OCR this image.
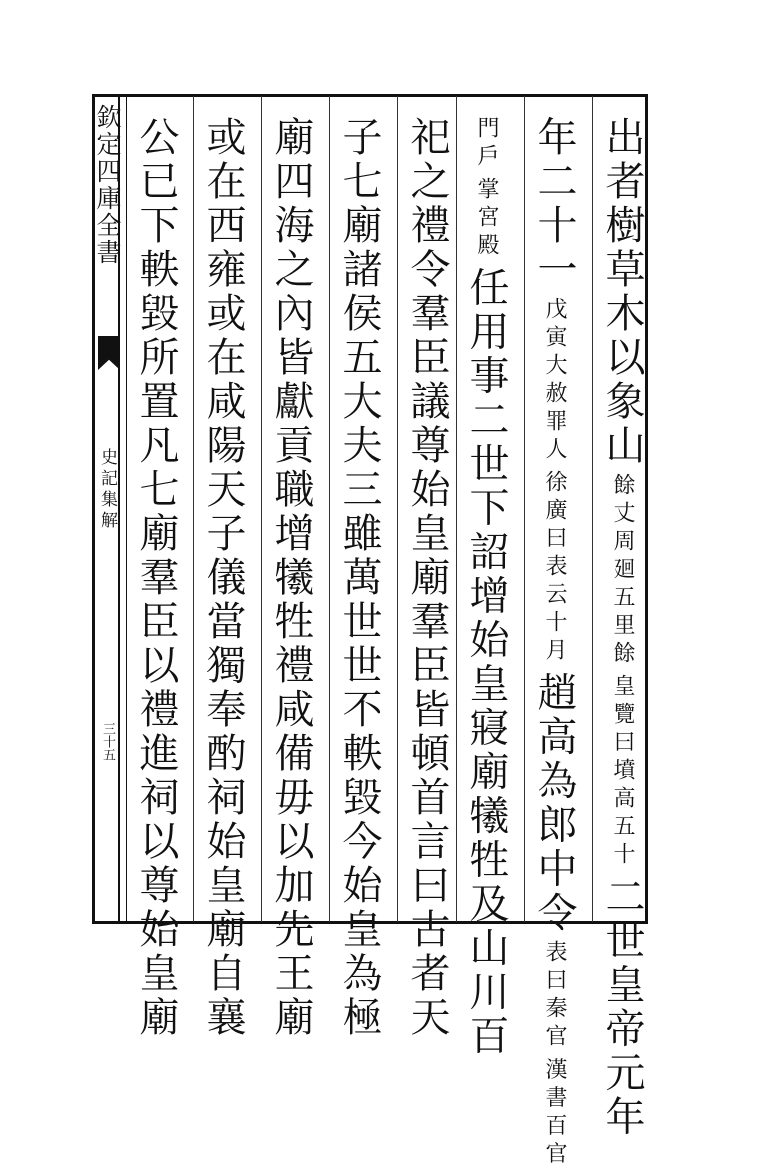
欽定四庫全書
史記集解
三十五
出者樹草木以象山 餘丈周廻五里餘 皇覽曰墳高五十 二世皇帝元年
年二十一 戊寅大赦罪人 徐廣曰表云十月 趙高為郎中令 表曰秦官 漢書百官
門戶 掌宮殿 任用事二世下詔增始皇寢廟犧牲及山川百
祀之禮令羣臣議尊始皇廟羣臣皆頓首言曰古者天
子七廟諸侯五大夫三雖萬世世不軼毀今始皇為極
廟四海之內皆獻貢職增犧牲禮咸備毋以加先王廟
或在西雍或在咸陽天子儀當獨奉酌祠始皇廟自襄
公已下軼毀所置凡七廟羣臣以禮進祠以尊始皇廟
